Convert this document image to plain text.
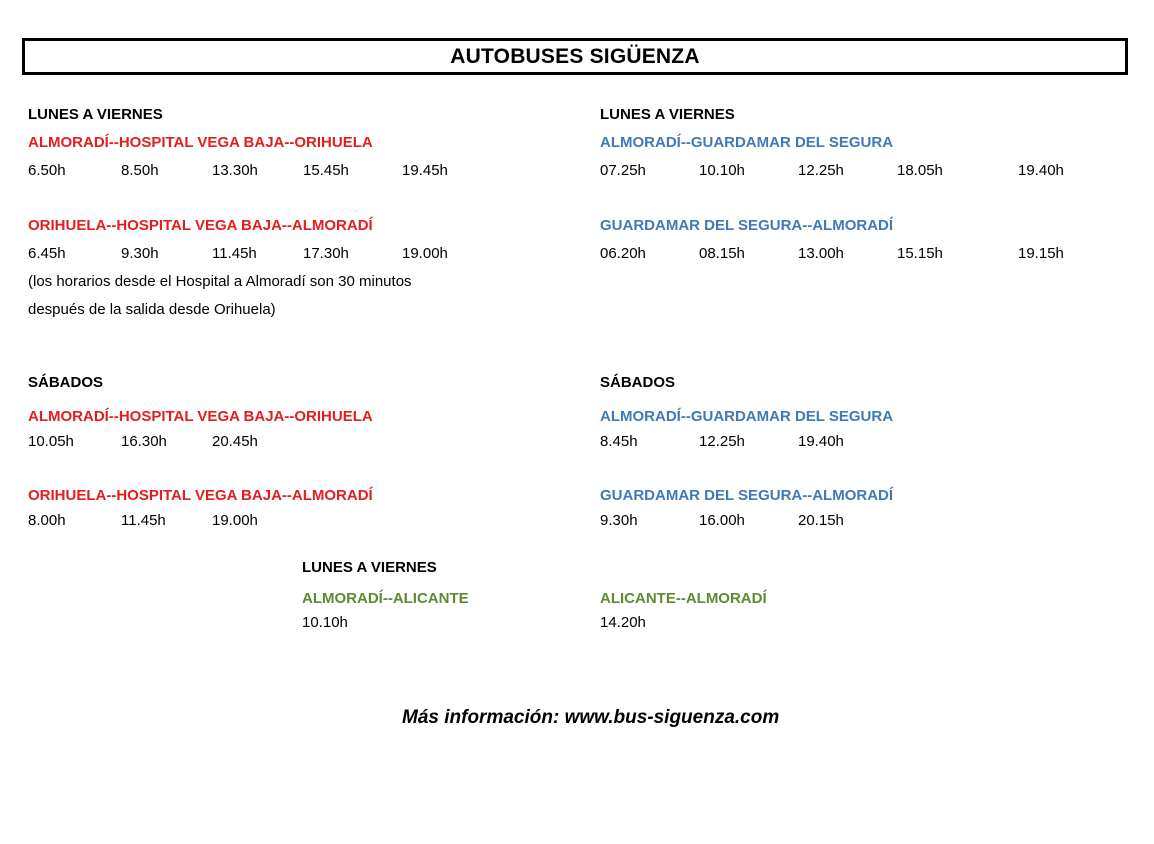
AUTOBUSES SIGÜENZA
LUNES A VIERNES
ALMORADÍ--HOSPITAL VEGA BAJA--ORIHUELA
6.50h	8.50h	13.30h	15.45h	19.45h
ORIHUELA--HOSPITAL VEGA BAJA--ALMORADÍ
6.45h	9.30h	11.45h	17.30h	19.00h
(los horarios desde el Hospital a Almoradí son 30 minutos
después de la salida desde Orihuela)
SÁBADOS
ALMORADÍ--HOSPITAL VEGA BAJA--ORIHUELA
10.05h	16.30h	20.45h
ORIHUELA--HOSPITAL VEGA BAJA--ALMORADÍ
8.00h	11.45h	19.00h
LUNES A VIERNES
ALMORADÍ--GUARDAMAR DEL SEGURA
07.25h	10.10h	12.25h	18.05h	19.40h
GUARDAMAR DEL SEGURA--ALMORADÍ
06.20h	08.15h	13.00h	15.15h	19.15h
SÁBADOS
ALMORADÍ--GUARDAMAR DEL SEGURA
8.45h	12.25h	19.40h
GUARDAMAR DEL SEGURA--ALMORADÍ
9.30h	16.00h	20.15h
LUNES A VIERNES
ALMORADÍ--ALICANTE
10.10h
ALICANTE--ALMORADÍ
14.20h
Más información: www.bus-siguenza.com
